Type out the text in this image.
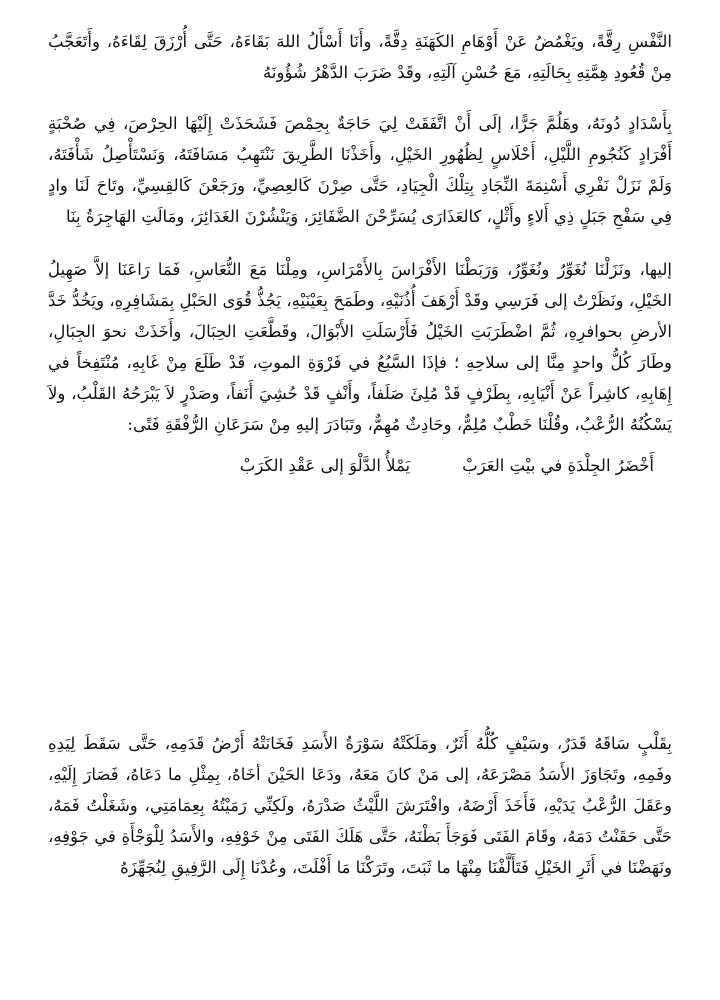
النَّفْسِ رِقَّةً، ويَغْمُضُ عَنْ أَوْهَامِ الكَهَنَةِ دِقَّةً، وأَنَا أَسْأَلُ اللهَ بَقَاءَهُ، حَتَّى أُرْزَقَ لِقَاءَهُ، وأَتَعَجَّبُ مِنْ قُعُودِ هِمَّتِهِ بِحَالَتِهِ، مَعَ حُسْنِ آلَتِهِ، وقَدْ ضَرَبَ الدَّهْرُ شُؤُونَهُ

بِأَسْدَادٍ دُونَهُ، وهَلُمَّ جَرًّا، إلَى أَنْ اتَّفَقَتْ لِيَ حَاجَةٌ بِحِمْصَ فَشَحَذَتْ إِلَيْهَا الحِرْصَ، فِي صُحْبَةٍ أَفْرَادٍ كَنُجُومِ اللَّيْلِ، أَحْلَاسٍ لِظُهُورِ الخَيْلِ، وأَخَذْنَا الطَّرِيقَ نَنْتَهِبُ مَسَافَتَهُ، وَنَسْتَأْصِلُ شَأْفَتَهُ، وَلَمْ نَزَلْ نَفْرِي أَسْنِمَةَ النِّجَادِ بِتِلْكَ الْجِيَادِ، حَتَّى صِرْنَ كَالعِصِيِّ، ورَجَعْنَ كَالقِسِيِّ، وتَاحَ لَنَا وادٍ فِي سَفْحِ جَبَلٍ ذِي أَلاءٍ وأَثْلٍ، كالعَذَارَى يُسَرِّحْنَ الضَّفَائِرَ، وَيَنْشُرْنَ الغَدَائِرَ، ومَالَتِ الهَاجِرَةُ بِنَا

إليها، ونَزَلْنَا نُغَوِّرُ ونُغَوِّرُ، وَرَبَطْنَا الأَفْرَاسَ بِالأَمْرَاسِ، ومِلْنَا مَعَ النُّعَاسِ، فَمَا رَاعَنَا إلاَّ صَهِيلُ الخَيْلِ، ونَظَرْتُ إلى فَرَسِي وقَدْ أَرْهَفَ أُذُنَيْهِ، وطَمَحَ بِعَيْنَيْهِ، يَجُذُّ قُوَى الحَبْلِ بِمَشَافِرِهِ، ويَخُدُّ خَدَّ الأرضِ بحوافرِهِ، ثُمَّ اضْطَرَبَتِ الخَيْلُ فَأَرْسَلَتِ الأَبْوَالَ، وقَطَّعَتِ الحِبَالَ، وأَخَذَتْ نحوَ الجِبَالِ، وطَارَ كُلُّ واحدٍ مِنَّا إلى سلاحِهِ ؛ فإذَا السَّبُعُ في فَرْوَةِ الموتِ، قَدْ طَلَعَ مِنْ غَابِهِ، مُنْتَفِخاً في إِهَابِهِ، كاشِراً عَنْ أَنْيَابِهِ، بِطَرْفٍ قَدْ مُلِئَ صَلَفاً، وأَنْفٍ قَدْ حُشِيَ أَنَفاً، وصَدْرٍ لاَ يَبْرَحُهُ القَلْبُ، ولاَ يَسْكُنُهُ الرُّعْبُ، وقُلْنَا خَطْبٌ مُلِمٌّ، وحَادِثٌ مُهِمٌّ، وتَبَادَرَ إليهِ مِنْ سَرَعَانِ الرُّفْقَةِ فَتًى:

أَخْضَرُ الجِلْدَةِ في بيْتِ العَرَبْ
يَمْلأُ الدَّلْوَ إلى عَقْدِ الكَرَبْ

بِقَلْبٍ سَاقَهُ قَدَرٌ، وسَيْفٍ كُلُّهُ أَثَرٌ، ومَلَكَتْهُ سَوْرَةُ الأَسَدِ فَخَانَتْهُ أَرْضُ قَدَمِهِ، حَتَّى سَقَطَ لِيَدِهِ وفَمِهِ، وتَجَاوَزَ الأَسَدُ مَصْرَعَهُ، إلى مَنْ كانَ مَعَهُ، ودَعَا الحَيْنَ أخَاهُ، بِمِثْلِ ما دَعَاهُ، فَصَارَ إِلَيْهِ، وعَقَلَ الرُّعْبُ يَدَيْهِ، فَأَخَذَ أَرْضَهُ، وافْتَرَشَ اللَّيْثُ صَدْرَهُ، ولَكِنِّي رَمَيْتُهُ بِعِمَامَتِي، وشَغَلْتُ فَمَهُ، حَتَّى حَقَنْتُ دَمَهُ، وقَامَ الفَتَى فَوَجَأَ بَطْنَهُ، حَتَّى هَلَكَ الفَتَى مِنْ خَوْفِهِ، والأَسَدُ لِلْوَجْأَةِ في جَوْفِهِ، ونَهَضْنَا في أَثَرِ الخَيْلِ فَتَأَلَّفْنَا مِنْهَا ما ثَبَتَ، وتَرَكْنَا مَا أَفْلَتَ، وعُدْنَا إِلَى الرَّفِيقِ لِنُجَهِّزَهُ
